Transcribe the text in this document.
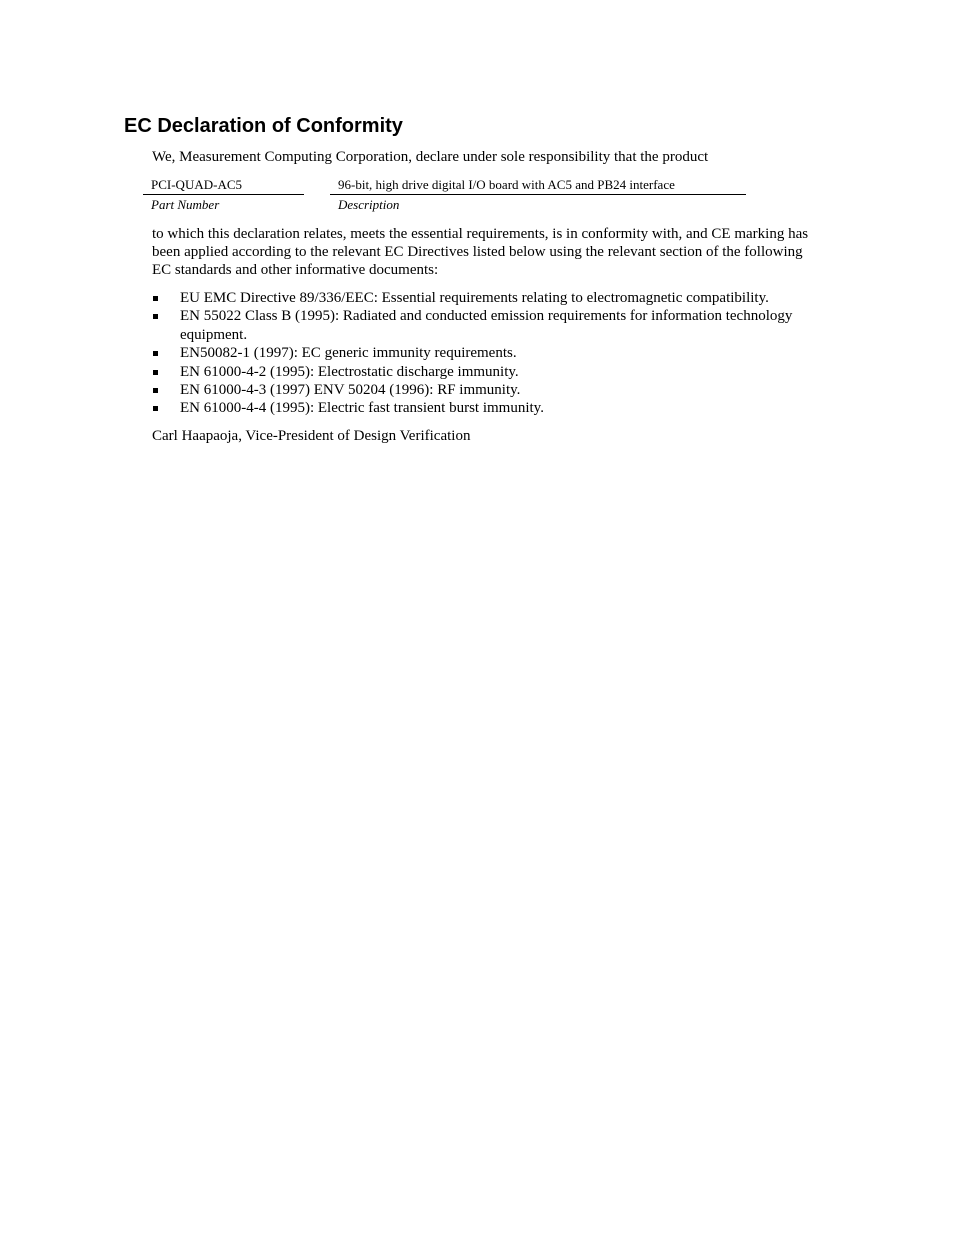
EC Declaration of Conformity

We, Measurement Computing Corporation, declare under sole responsibility that the product

PCI-QUAD-AC5
Part Number
96-bit, high drive digital I/O board with AC5 and PB24 interface
Description

to which this declaration relates, meets the essential requirements, is in conformity with, and CE marking has been applied according to the relevant EC Directives listed below using the relevant section of the following EC standards and other informative documents:

EU EMC Directive 89/336/EEC: Essential requirements relating to electromagnetic compatibility.
EN 55022 Class B (1995): Radiated and conducted emission requirements for information technology equipment.
EN50082-1 (1997): EC generic immunity requirements.
EN 61000-4-2 (1995): Electrostatic discharge immunity.
EN 61000-4-3 (1997) ENV 50204 (1996): RF immunity.
EN 61000-4-4 (1995): Electric fast transient burst immunity.

Carl Haapaoja, Vice-President of Design Verification
